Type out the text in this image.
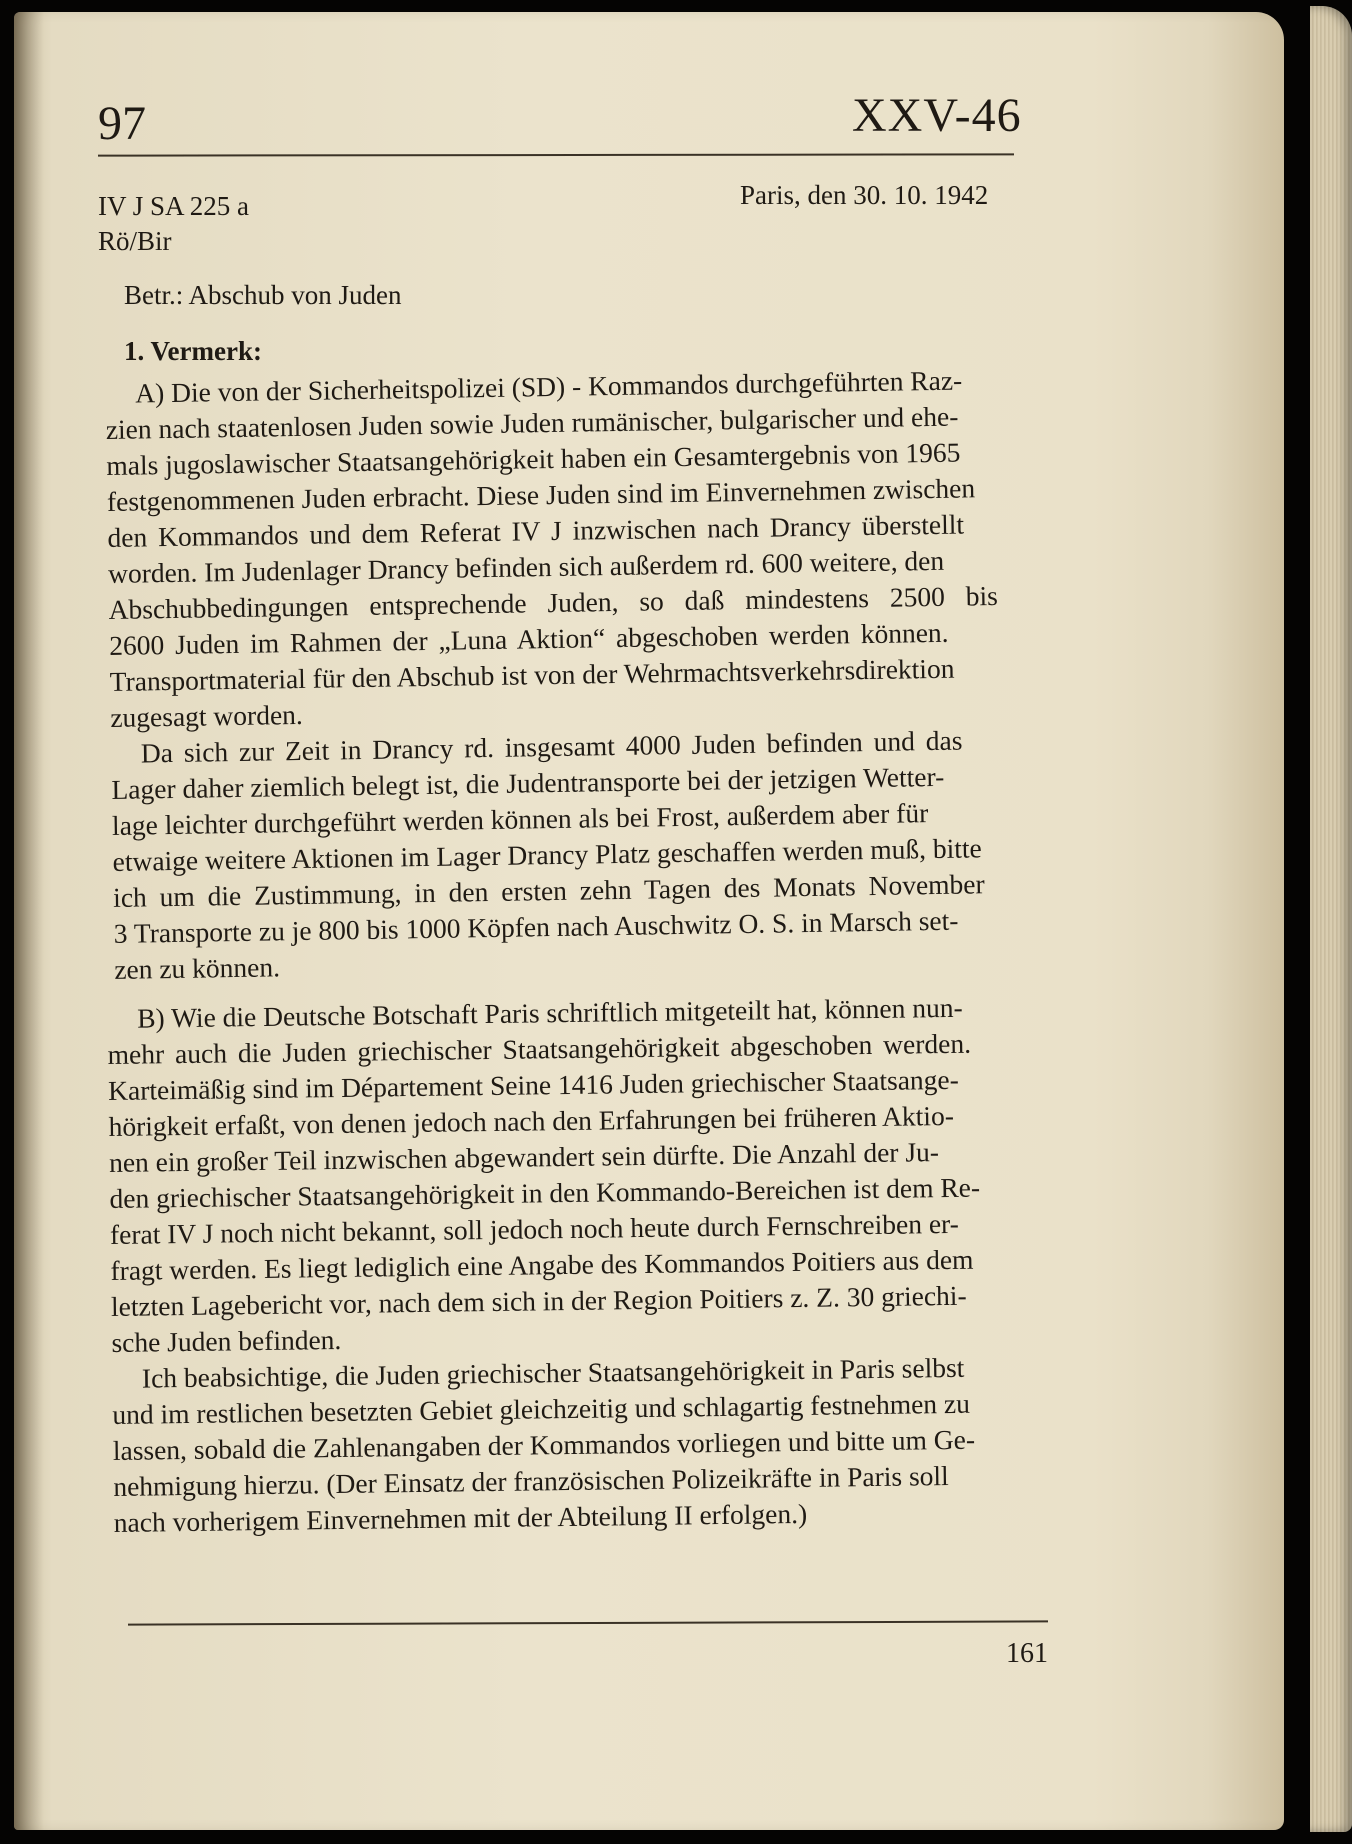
97	XXV-46
IV J SA 225 a
Rö/Bir
Paris, den 30. 10. 1942
Betr.: Abschub von Juden
1. Vermerk:
A) Die von der Sicherheitspolizei (SD) - Kommandos durchgeführten Raz-
zien nach staatenlosen Juden sowie Juden rumänischer, bulgarischer und ehe-
mals jugoslawischer Staatsangehörigkeit haben ein Gesamtergebnis von 1965
festgenommenen Juden erbracht. Diese Juden sind im Einvernehmen zwischen
den Kommandos und dem Referat IV J inzwischen nach Drancy überstellt
worden. Im Judenlager Drancy befinden sich außerdem rd. 600 weitere, den
Abschubbedingungen entsprechende Juden, so daß mindestens 2500 bis
2600 Juden im Rahmen der „Luna Aktion“ abgeschoben werden können.
Transportmaterial für den Abschub ist von der Wehrmachtsverkehrsdirektion
zugesagt worden.
Da sich zur Zeit in Drancy rd. insgesamt 4000 Juden befinden und das
Lager daher ziemlich belegt ist, die Judentransporte bei der jetzigen Wetter-
lage leichter durchgeführt werden können als bei Frost, außerdem aber für
etwaige weitere Aktionen im Lager Drancy Platz geschaffen werden muß, bitte
ich um die Zustimmung, in den ersten zehn Tagen des Monats November
3 Transporte zu je 800 bis 1000 Köpfen nach Auschwitz O. S. in Marsch set-
zen zu können.
B) Wie die Deutsche Botschaft Paris schriftlich mitgeteilt hat, können nun-
mehr auch die Juden griechischer Staatsangehörigkeit abgeschoben werden.
Karteimäßig sind im Département Seine 1416 Juden griechischer Staatsange-
hörigkeit erfaßt, von denen jedoch nach den Erfahrungen bei früheren Aktio-
nen ein großer Teil inzwischen abgewandert sein dürfte. Die Anzahl der Ju-
den griechischer Staatsangehörigkeit in den Kommando-Bereichen ist dem Re-
ferat IV J noch nicht bekannt, soll jedoch noch heute durch Fernschreiben er-
fragt werden. Es liegt lediglich eine Angabe des Kommandos Poitiers aus dem
letzten Lagebericht vor, nach dem sich in der Region Poitiers z. Z. 30 griechi-
sche Juden befinden.
Ich beabsichtige, die Juden griechischer Staatsangehörigkeit in Paris selbst
und im restlichen besetzten Gebiet gleichzeitig und schlagartig festnehmen zu
lassen, sobald die Zahlenangaben der Kommandos vorliegen und bitte um Ge-
nehmigung hierzu. (Der Einsatz der französischen Polizeikräfte in Paris soll
nach vorherigem Einvernehmen mit der Abteilung II erfolgen.)
161
